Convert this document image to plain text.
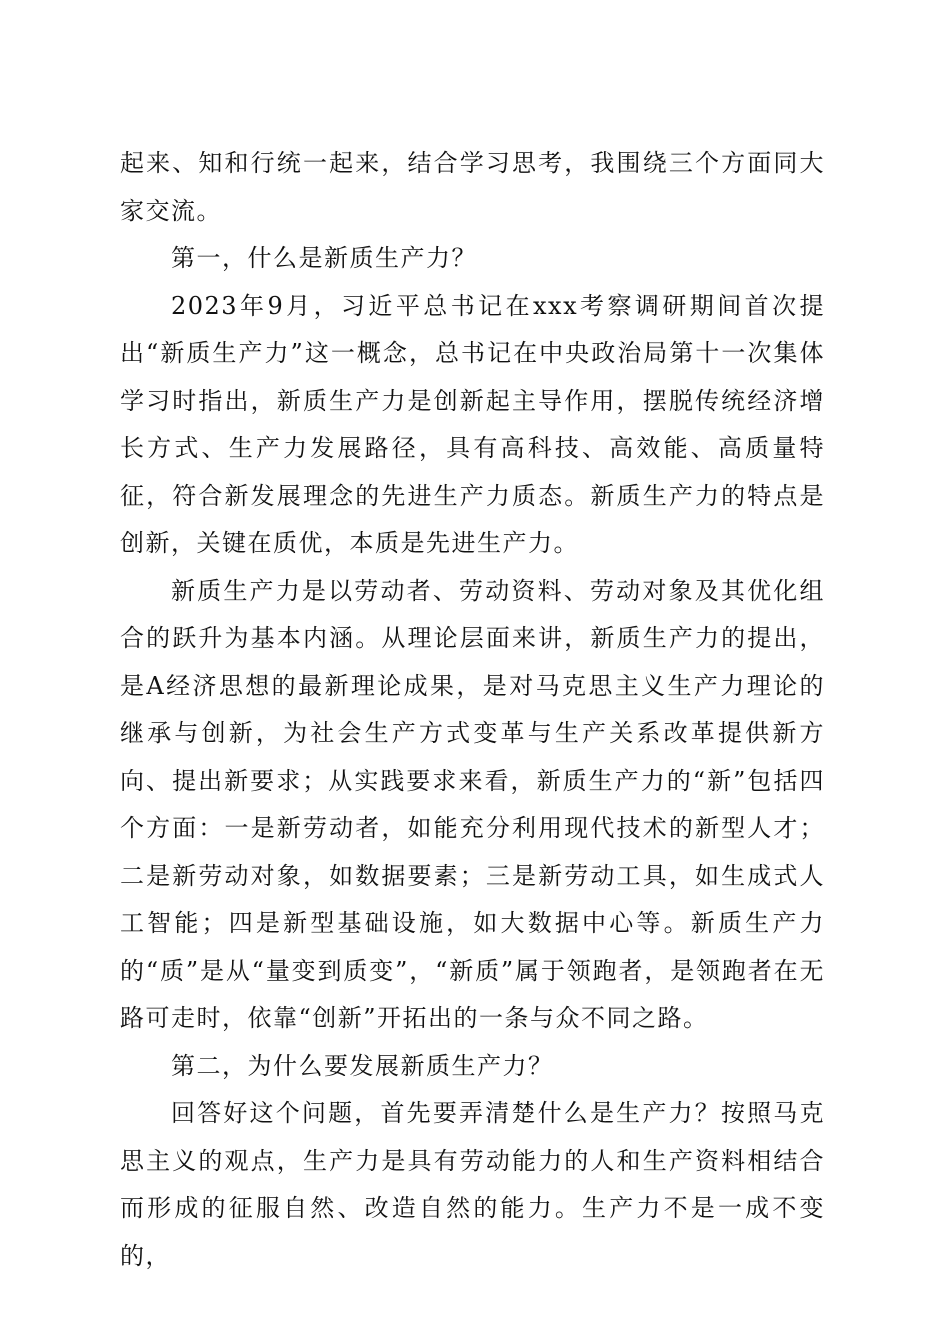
起来、知和行统一起来，结合学习思考，我围绕三个方面同大家交流。

第一，什么是新质生产力？

2023年9月，习近平总书记在xxx考察调研期间首次提出“新质生产力”这一概念，总书记在中央政治局第十一次集体学习时指出，新质生产力是创新起主导作用，摆脱传统经济增长方式、生产力发展路径，具有高科技、高效能、高质量特征，符合新发展理念的先进生产力质态。新质生产力的特点是创新，关键在质优，本质是先进生产力。

新质生产力是以劳动者、劳动资料、劳动对象及其优化组合的跃升为基本内涵。从理论层面来讲，新质生产力的提出，是A经济思想的最新理论成果，是对马克思主义生产力理论的继承与创新，为社会生产方式变革与生产关系改革提供新方向、提出新要求；从实践要求来看，新质生产力的“新”包括四个方面：一是新劳动者，如能充分利用现代技术的新型人才；二是新劳动对象，如数据要素；三是新劳动工具，如生成式人工智能；四是新型基础设施，如大数据中心等。新质生产力的“质”是从“量变到质变”，“新质”属于领跑者，是领跑者在无路可走时，依靠“创新”开拓出的一条与众不同之路。

第二，为什么要发展新质生产力？

回答好这个问题，首先要弄清楚什么是生产力？按照马克思主义的观点，生产力是具有劳动能力的人和生产资料相结合而形成的征服自然、改造自然的能力。生产力不是一成不变的，
